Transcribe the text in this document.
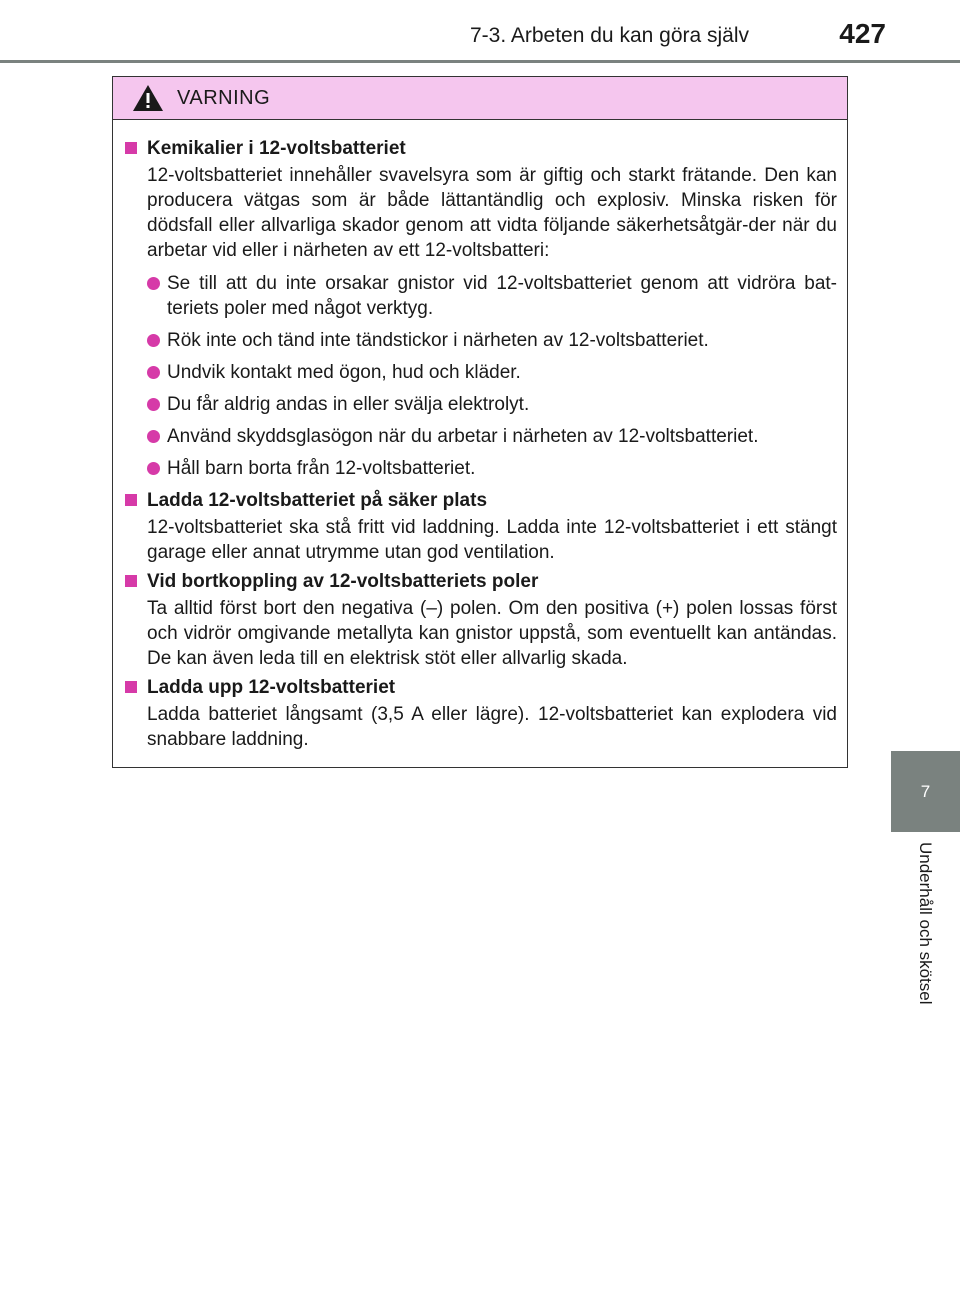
7-3. Arbeten du kan göra själv	427
7
Underhåll och skötsel
VARNING
Kemikalier i 12-voltsbatteriet
12-voltsbatteriet innehåller svavelsyra som är giftig och starkt frätande. Den kan producera vätgas som är både lättantändlig och explosiv. Minska risken för dödsfall eller allvarliga skador genom att vidta följande säkerhetsåtgär-der när du arbetar vid eller i närheten av ett 12-voltsbatteri:
Se till att du inte orsakar gnistor vid 12-voltsbatteriet genom att vidröra bat-teriets poler med något verktyg.
Rök inte och tänd inte tändstickor i närheten av 12-voltsbatteriet.
Undvik kontakt med ögon, hud och kläder.
Du får aldrig andas in eller svälja elektrolyt.
Använd skyddsglasögon när du arbetar i närheten av 12-voltsbatteriet.
Håll barn borta från 12-voltsbatteriet.
Ladda 12-voltsbatteriet på säker plats
12-voltsbatteriet ska stå fritt vid laddning. Ladda inte 12-voltsbatteriet i ett stängt garage eller annat utrymme utan god ventilation.
Vid bortkoppling av 12-voltsbatteriets poler
Ta alltid först bort den negativa (–) polen. Om den positiva (+) polen lossas först och vidrör omgivande metallyta kan gnistor uppstå, som eventuellt kan antändas. De kan även leda till en elektrisk stöt eller allvarlig skada.
Ladda upp 12-voltsbatteriet
Ladda batteriet långsamt (3,5 A eller lägre). 12-voltsbatteriet kan explodera vid snabbare laddning.
